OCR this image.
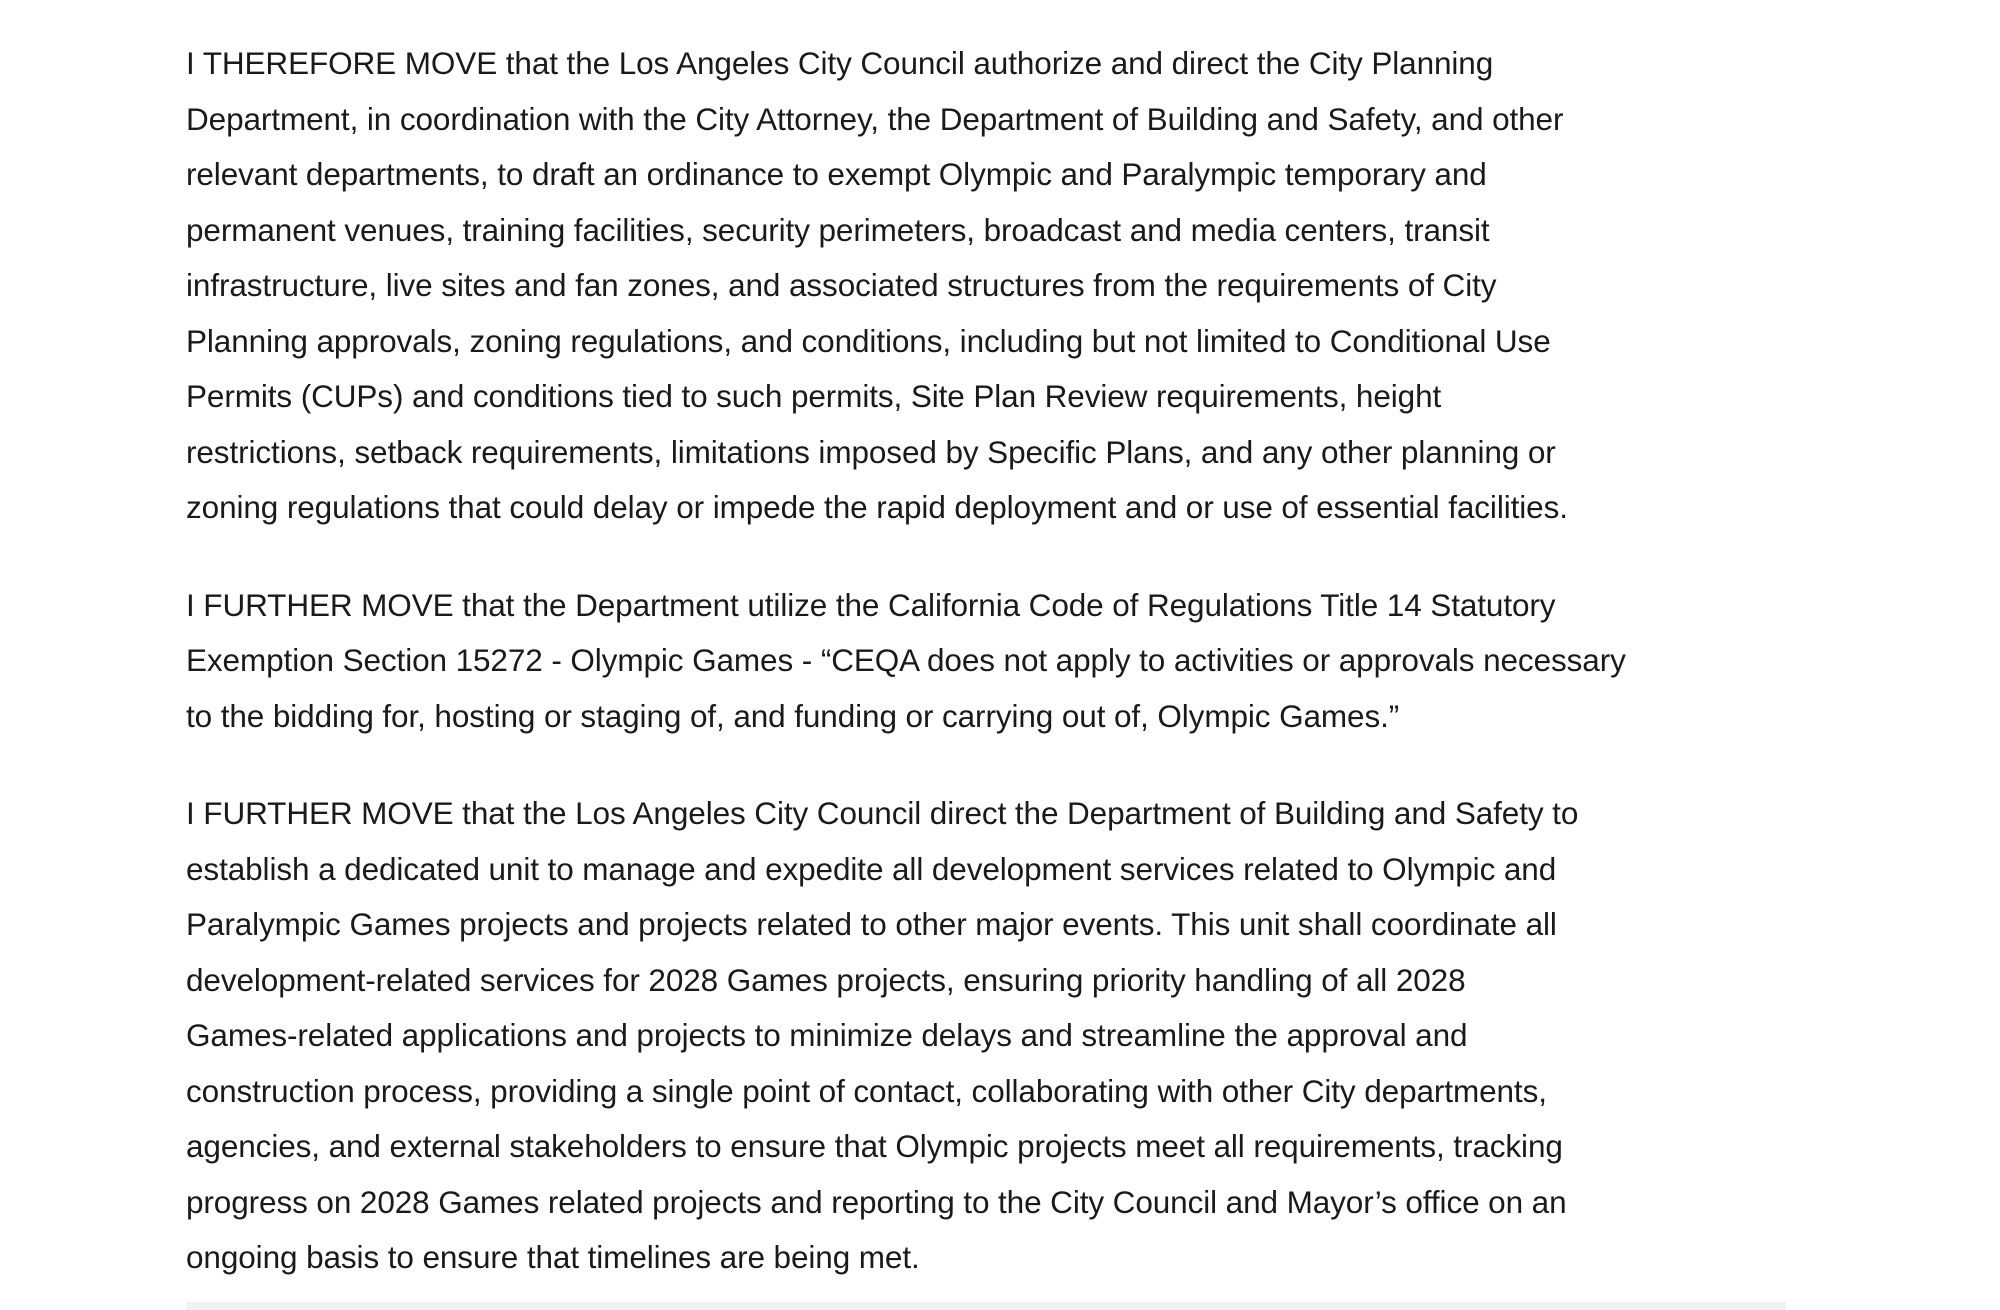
I THEREFORE MOVE that the Los Angeles City Council authorize and direct the City Planning
Department, in coordination with the City Attorney, the Department of Building and Safety, and other
relevant departments, to draft an ordinance to exempt Olympic and Paralympic temporary and
permanent venues, training facilities, security perimeters, broadcast and media centers, transit
infrastructure, live sites and fan zones, and associated structures from the requirements of City
Planning approvals, zoning regulations, and conditions, including but not limited to Conditional Use
Permits (CUPs) and conditions tied to such permits, Site Plan Review requirements, height
restrictions, setback requirements, limitations imposed by Specific Plans, and any other planning or
zoning regulations that could delay or impede the rapid deployment and or use of essential facilities.

I FURTHER MOVE that the Department utilize the California Code of Regulations Title 14 Statutory
Exemption Section 15272 - Olympic Games - “CEQA does not apply to activities or approvals necessary
to the bidding for, hosting or staging of, and funding or carrying out of, Olympic Games.”

I FURTHER MOVE that the Los Angeles City Council direct the Department of Building and Safety to
establish a dedicated unit to manage and expedite all development services related to Olympic and
Paralympic Games projects and projects related to other major events. This unit shall coordinate all
development-related services for 2028 Games projects, ensuring priority handling of all 2028
Games-related applications and projects to minimize delays and streamline the approval and
construction process, providing a single point of contact, collaborating with other City departments,
agencies, and external stakeholders to ensure that Olympic projects meet all requirements, tracking
progress on 2028 Games related projects and reporting to the City Council and Mayor’s office on an
ongoing basis to ensure that timelines are being met.
